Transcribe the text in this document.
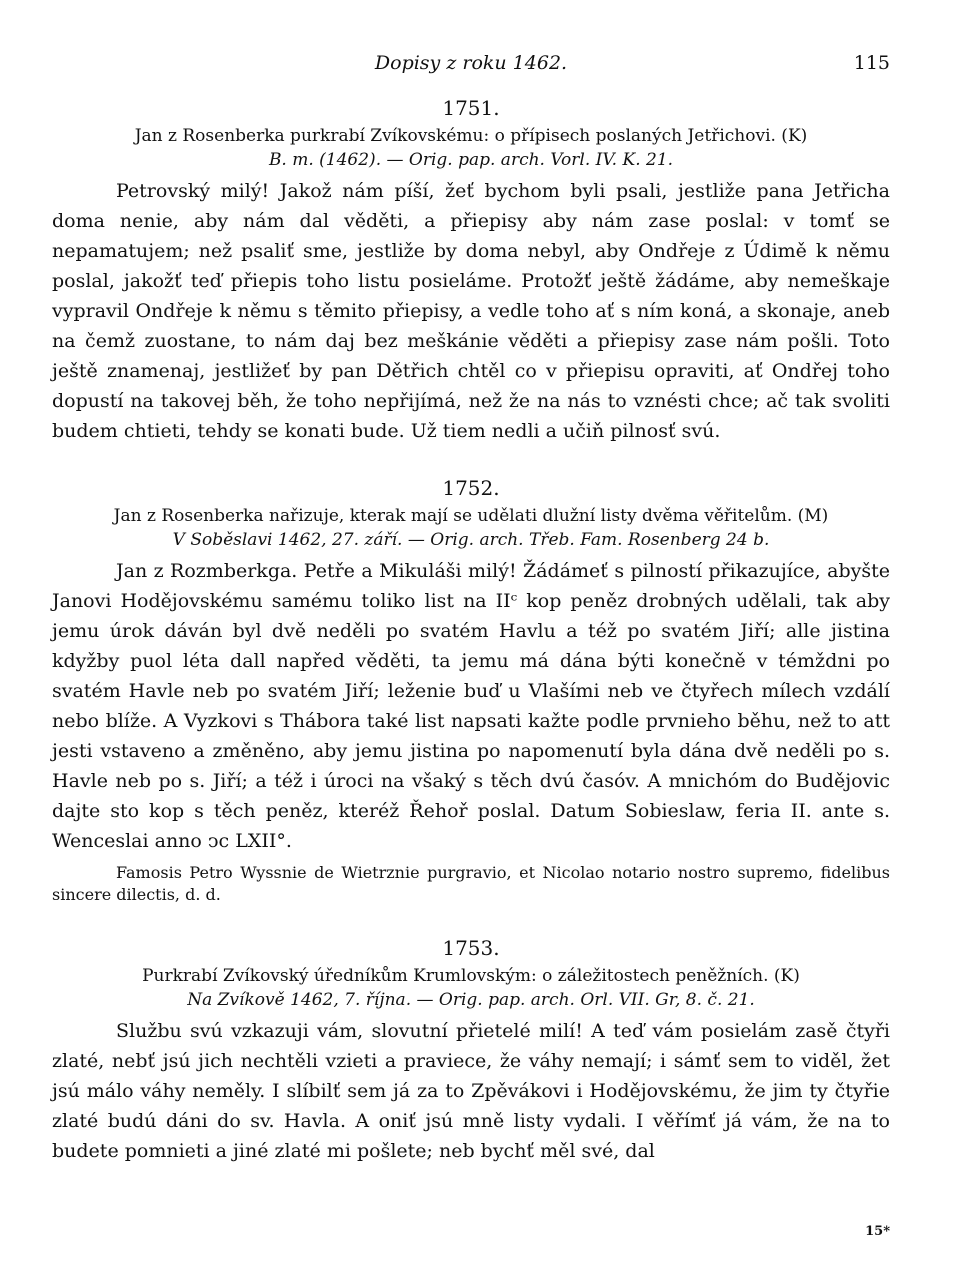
Dopisy z roku 1462.	115
1751.
Jan z Rosenberka purkrabí Zvíkovskému: o přípisech poslaných Jetřichovi. (K)
B. m. (1462). — Orig. pap. arch. Vorl. IV. K. 21.

Petrovský milý! Jakož nám píší, žeť bychom byli psali, jestliže pana Jetřicha doma nenie, aby nám dal věděti, a přiepisy aby nám zase poslal: v tomť se nepamatujem; než psaliť sme, jestliže by doma nebyl, aby Ondřeje z Údimě k němu poslal, jakožť teď přiepis toho listu posieláme. Protožť ještě žádáme, aby nemeškaje vypravil Ondřeje k němu s těmito přiepisy, a vedle toho ať s ním koná, a skonaje, aneb na čemž zuostane, to nám daj bez meškánie věděti a přiepisy zase nám pošli. Toto ještě znamenaj, jestližeť by pan Dětřich chtěl co v přiepisu opraviti, ať Ondřej toho dopustí na takovej běh, že toho nepřijímá, než že na nás to vznésti chce; ač tak svoliti budem chtieti, tehdy se konati bude. Už tiem nedli a učiň pilnosť svú.

1752.
Jan z Rosenberka nařizuje, kterak mají se udělati dlužní listy dvěma věřitelům. (M)
V Soběslavi 1462, 27. září. — Orig. arch. Třeb. Fam. Rosenberg 24 b.

Jan z Rozmberkga. Petře a Mikuláši milý! Žádámeť s pilností přikazujíce, abyšte Janovi Hodějovskému samému toliko list na IIᶜ kop peněz drobných udělali, tak aby jemu úrok dáván byl dvě neděli po svatém Havlu a též po svatém Jiří; alle jistina kdyžby puol léta dall napřed věděti, ta jemu má dána býti konečně v témždni po svatém Havle neb po svatém Jiří; leženie buď u Vlašími neb ve čtyřech mílech vzdálí nebo blíže. A Vyzkovi s Thábora také list napsati kažte podle prvnieho běhu, než to att jesti vstaveno a změněno, aby jemu jistina po napomenutí byla dána dvě neděli po s. Havle neb po s. Jiří; a též i úroci na všaký s těch dvú časóv. A mnichóm do Budějovic dajte sto kop s těch peněz, kteréž Řehoř poslal. Datum Sobieslaw, feria II. ante s. Wenceslai anno ↄc LXII°.

Famosis Petro Wyssnie de Wietrznie purgravio, et Nicolao notario nostro supremo, fidelibus sincere dilectis, d. d.

1753.
Purkrabí Zvíkovský úředníkům Krumlovským: o záležitostech peněžních. (K)
Na Zvíkově 1462, 7. října. — Orig. pap. arch. Orl. VII. Gr, 8. č. 21.

Službu svú vzkazuji vám, slovutní přietelé milí! A teď vám posielám zasě čtyři zlaté, nebť jsú jich nechtěli vzieti a praviece, že váhy nemají; i sámť sem to viděl, žet jsú málo váhy neměly. I slíbilť sem já za to Zpěvákovi i Hodějovskému, že jim ty čtyřie zlaté budú dáni do sv. Havla. A oniť jsú mně listy vydali. I věřímť já vám, že na to budete pomnieti a jiné zlaté mi pošlete; neb bychť měl své, dal

15*
